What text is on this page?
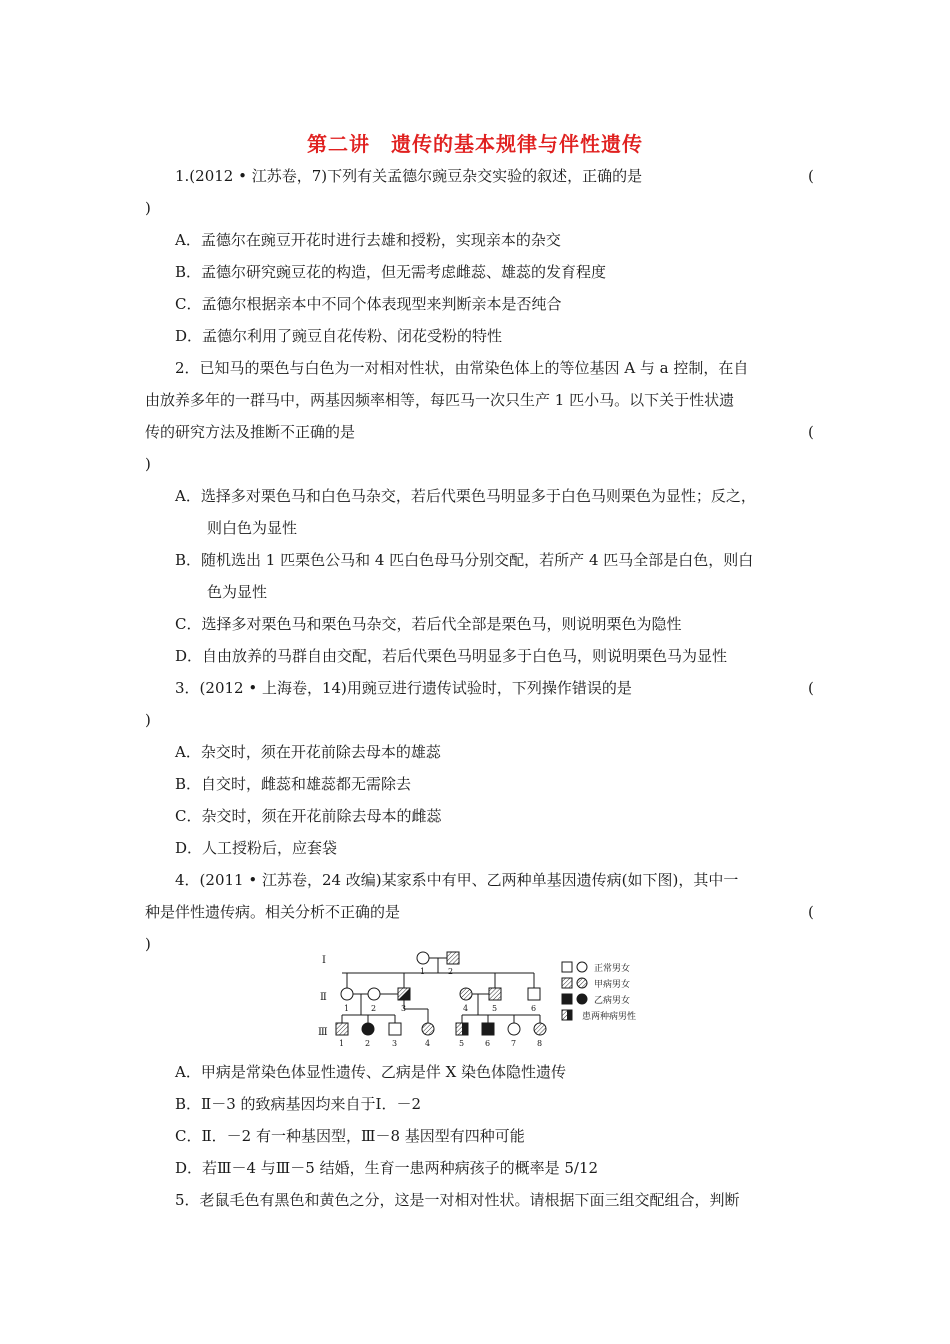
第二讲　遗传的基本规律与伴性遗传
1.(2012 • 江苏卷，7)下列有关孟德尔豌豆杂交实验的叙述，正确的是	(
)
A．孟德尔在豌豆开花时进行去雄和授粉，实现亲本的杂交
B．孟德尔研究豌豆花的构造，但无需考虑雌蕊、雄蕊的发育程度
C．孟德尔根据亲本中不同个体表现型来判断亲本是否纯合
D．孟德尔利用了豌豆自花传粉、闭花受粉的特性
2．已知马的栗色与白色为一对相对性状，由常染色体上的等位基因 A 与 a 控制，在自
由放养多年的一群马中，两基因频率相等，每匹马一次只生产 1 匹小马。以下关于性状遗
传的研究方法及推断不正确的是	(
)
A．选择多对栗色马和白色马杂交，若后代栗色马明显多于白色马则栗色为显性；反之，
则白色为显性
B．随机选出 1 匹栗色公马和 4 匹白色母马分别交配，若所产 4 匹马全部是白色，则白
色为显性
C．选择多对栗色马和栗色马杂交，若后代全部是栗色马，则说明栗色为隐性
D．自由放养的马群自由交配，若后代栗色马明显多于白色马，则说明栗色马为显性
3．(2012 • 上海卷，14)用豌豆进行遗传试验时，下列操作错误的是	(
)
A．杂交时，须在开花前除去母本的雄蕊
B．自交时，雌蕊和雄蕊都无需除去
C．杂交时，须在开花前除去母本的雌蕊
D．人工授粉后，应套袋
4．(2011 • 江苏卷，24 改编)某家系中有甲、乙两种单基因遗传病(如下图)，其中一
种是伴性遗传病。相关分析不正确的是	(
)
Ⅰ
Ⅱ
Ⅲ
1	2
1	2	3	4	5	6
1	2	3	4	5	6	7	8
正常男女
甲病男女
乙病男女
患两种病男性
A．甲病是常染色体显性遗传、乙病是伴 X 染色体隐性遗传
B．Ⅱ－3 的致病基因均来自于Ⅰ．－2
C．Ⅱ．－2 有一种基因型，Ⅲ－8 基因型有四种可能
D．若Ⅲ－4 与Ⅲ－5 结婚，生育一患两种病孩子的概率是 5/12
5．老鼠毛色有黑色和黄色之分，这是一对相对性状。请根据下面三组交配组合，判断
